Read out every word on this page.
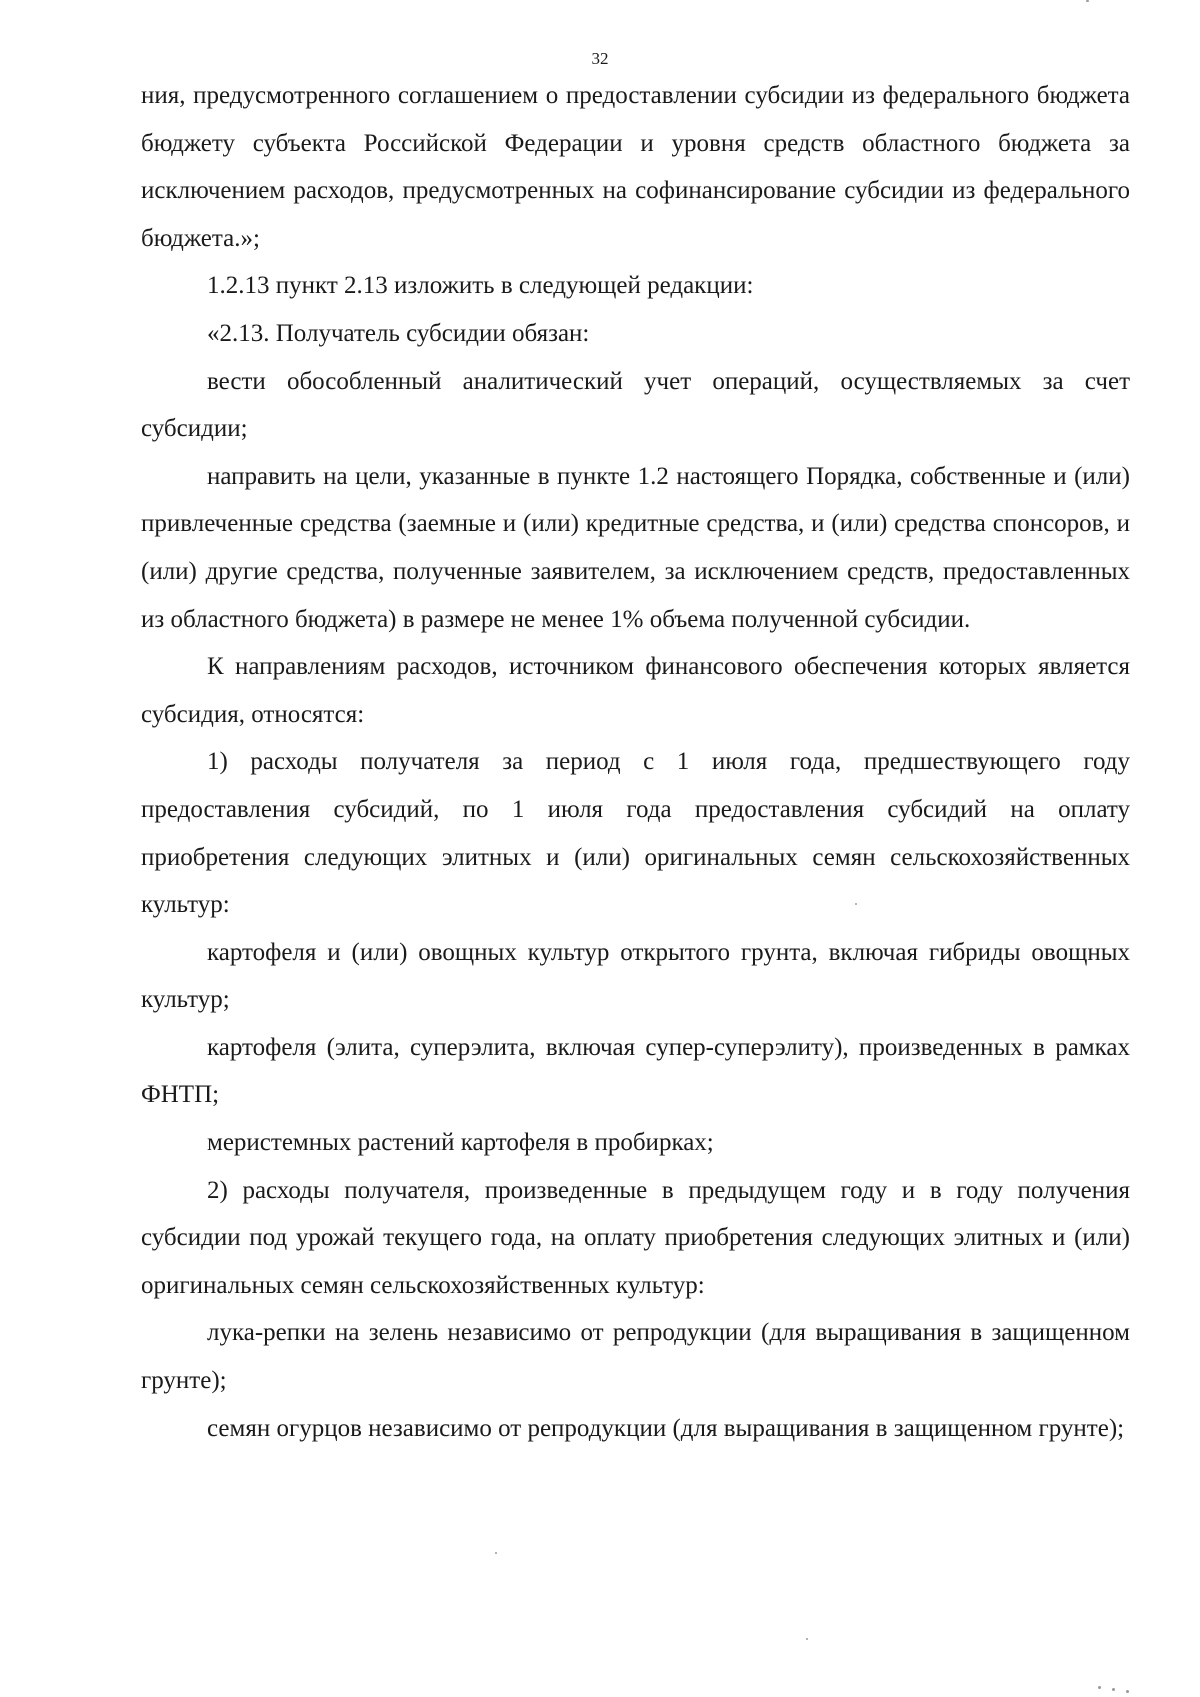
32

ния, предусмотренного соглашением о предоставлении субсидии из федерального бюджета бюджету субъекта Российской Федерации и уровня средств областного бюджета за исключением расходов, предусмотренных на софинансирование субсидии из федерального бюджета.»;

1.2.13 пункт 2.13 изложить в следующей редакции:

«2.13. Получатель субсидии обязан:

вести обособленный аналитический учет операций, осуществляемых за счет субсидии;

направить на цели, указанные в пункте 1.2 настоящего Порядка, собственные и (или) привлеченные средства (заемные и (или) кредитные средства, и (или) средства спонсоров, и (или) другие средства, полученные заявителем, за исключением средств, предоставленных из областного бюджета) в размере не менее 1% объема полученной субсидии.

К направлениям расходов, источником финансового обеспечения которых является субсидия, относятся:

1) расходы получателя за период с 1 июля года, предшествующего году предоставления субсидий, по 1 июля года предоставления субсидий на оплату приобретения следующих элитных и (или) оригинальных семян сельскохозяйственных культур:

картофеля и (или) овощных культур открытого грунта, включая гибриды овощных культур;

картофеля (элита, суперэлита, включая супер-суперэлиту), произведенных в рамках ФНТП;

меристемных растений картофеля в пробирках;

2) расходы получателя, произведенные в предыдущем году и в году получения субсидии под урожай текущего года, на оплату приобретения следующих элитных и (или) оригинальных семян сельскохозяйственных культур:

лука-репки на зелень независимо от репродукции (для выращивания в защищенном грунте);

семян огурцов независимо от репродукции (для выращивания в защищенном грунте);
